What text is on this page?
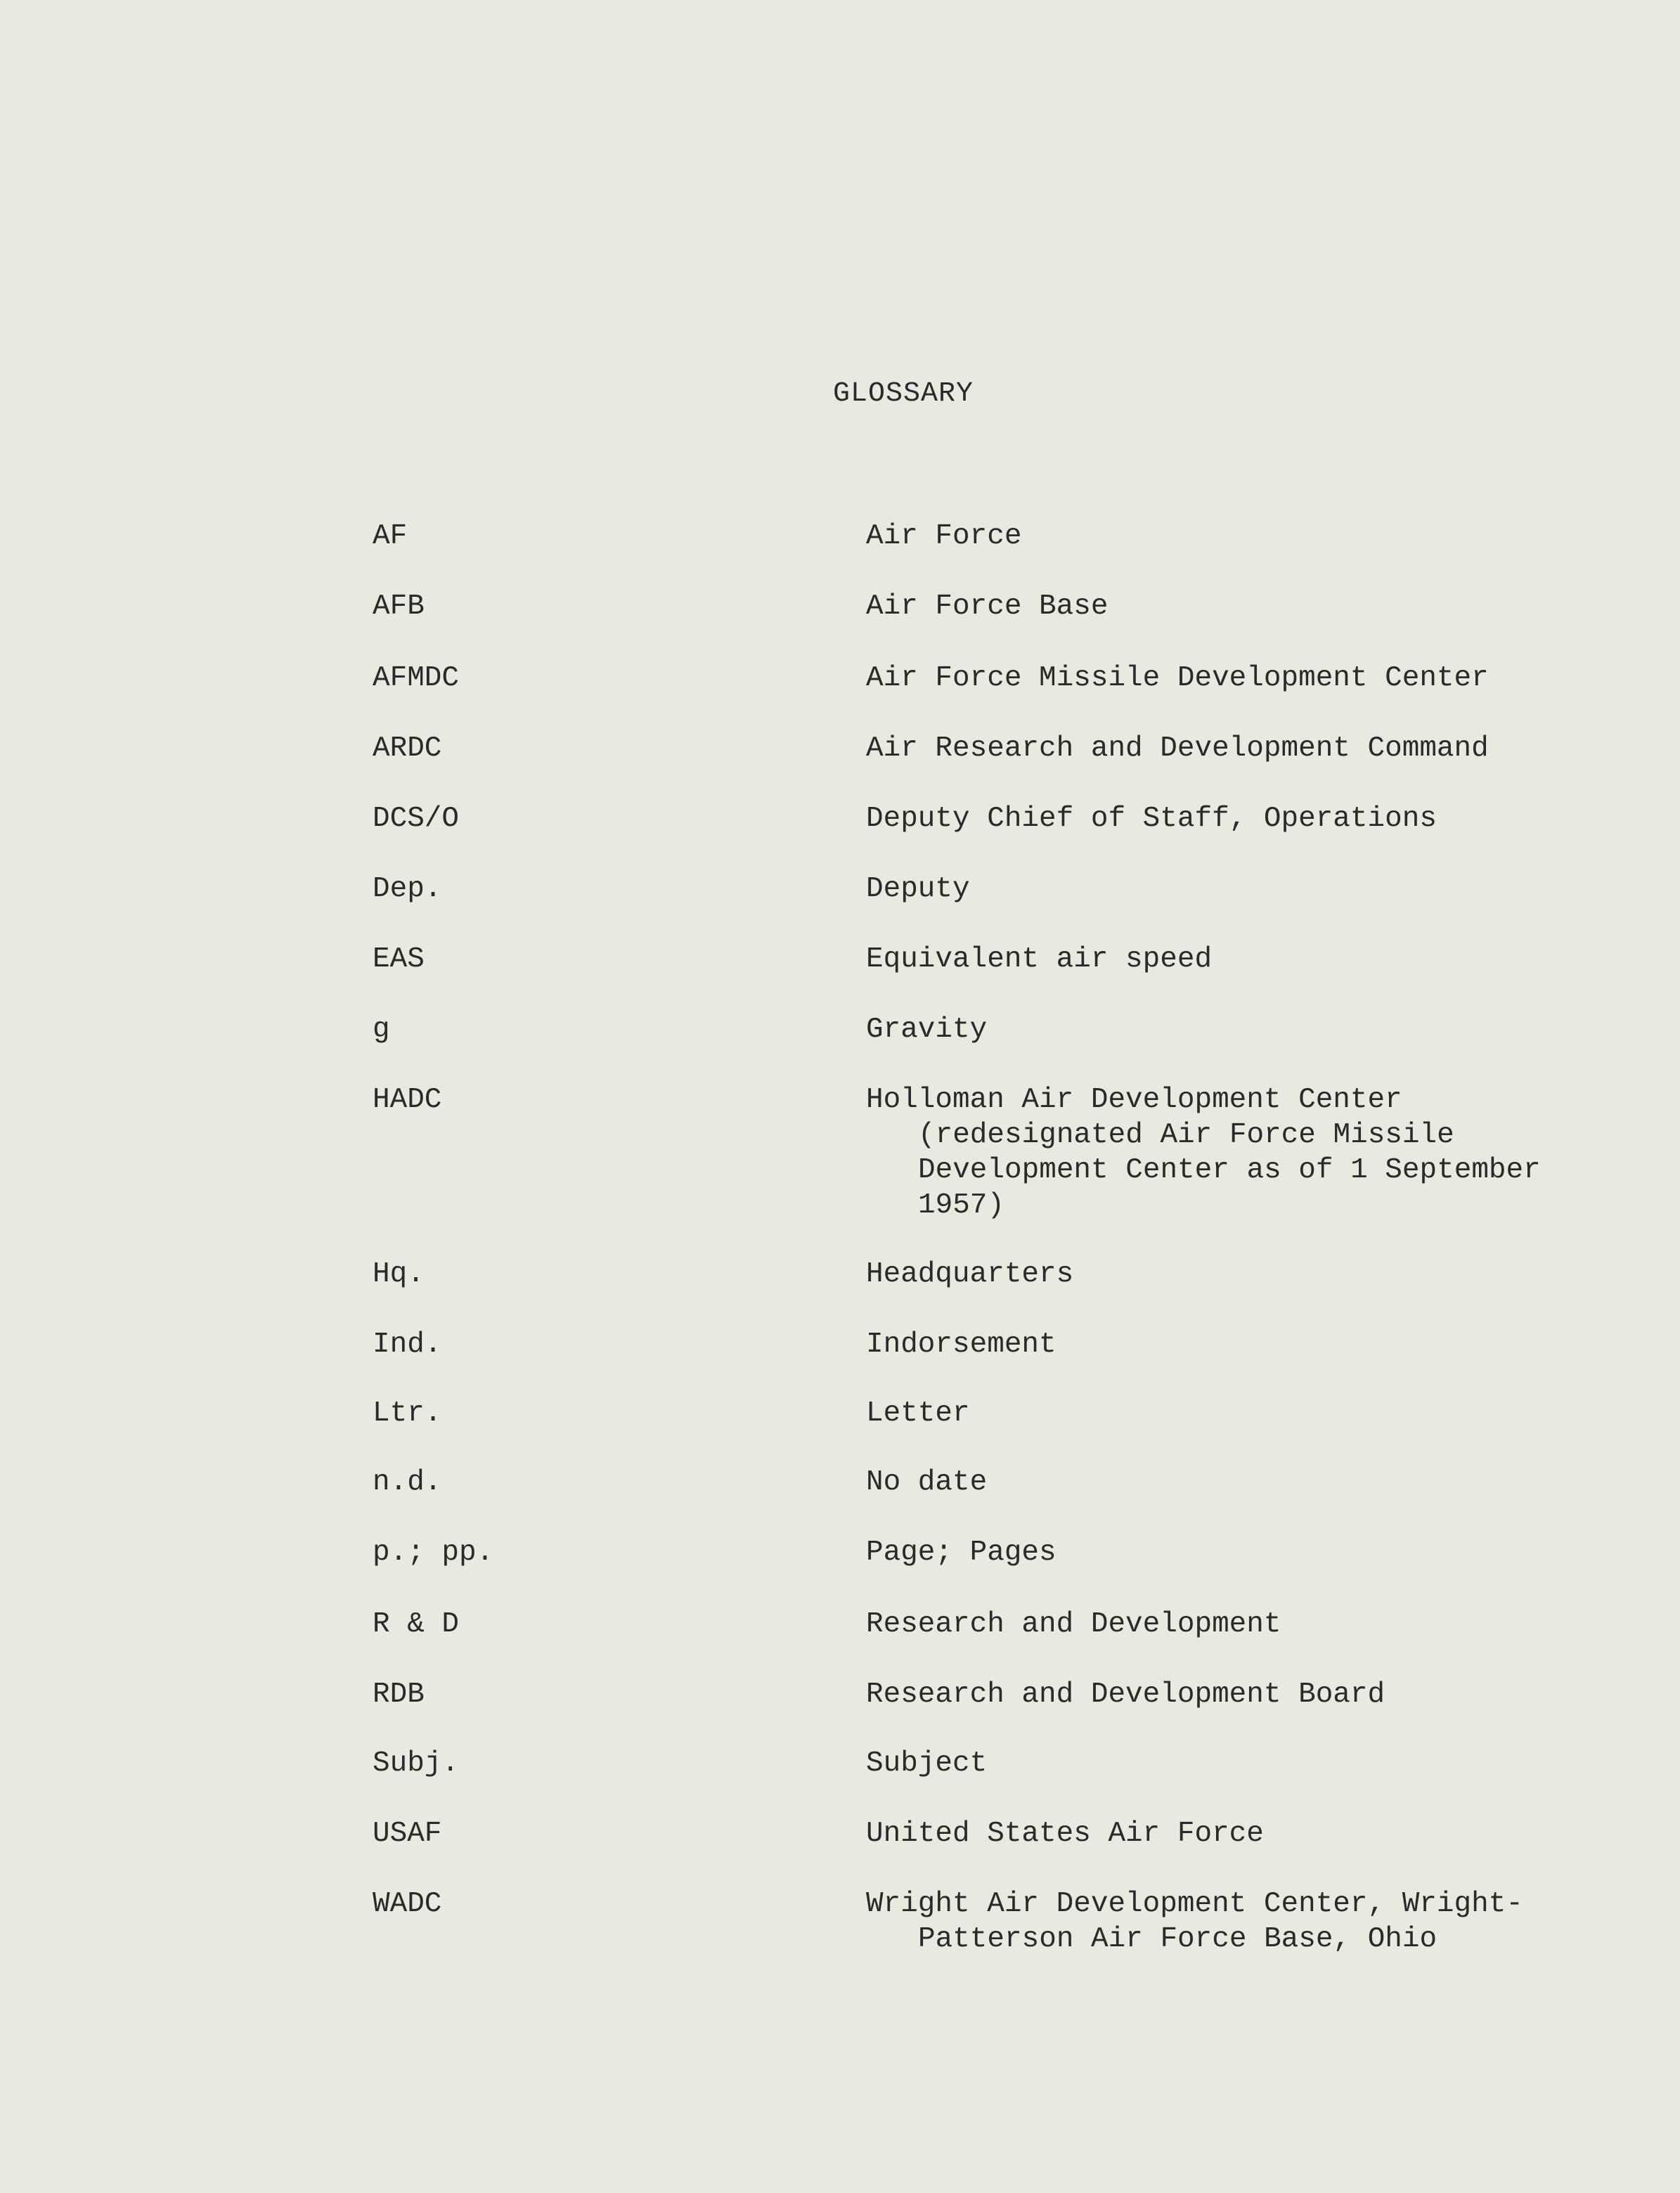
GLOSSARY
AF	Air Force
AFB	Air Force Base
AFMDC	Air Force Missile Development Center
ARDC	Air Research and Development Command
DCS/O	Deputy Chief of Staff, Operations
Dep.	Deputy
EAS	Equivalent air speed
g	Gravity
HADC	Holloman Air Development Center (redesignated Air Force Missile Development Center as of 1 September 1957)
Hq.	Headquarters
Ind.	Indorsement
Ltr.	Letter
n.d.	No date
p.; pp.	Page; Pages
R & D	Research and Development
RDB	Research and Development Board
Subj.	Subject
USAF	United States Air Force
WADC	Wright Air Development Center, Wright-Patterson Air Force Base, Ohio
